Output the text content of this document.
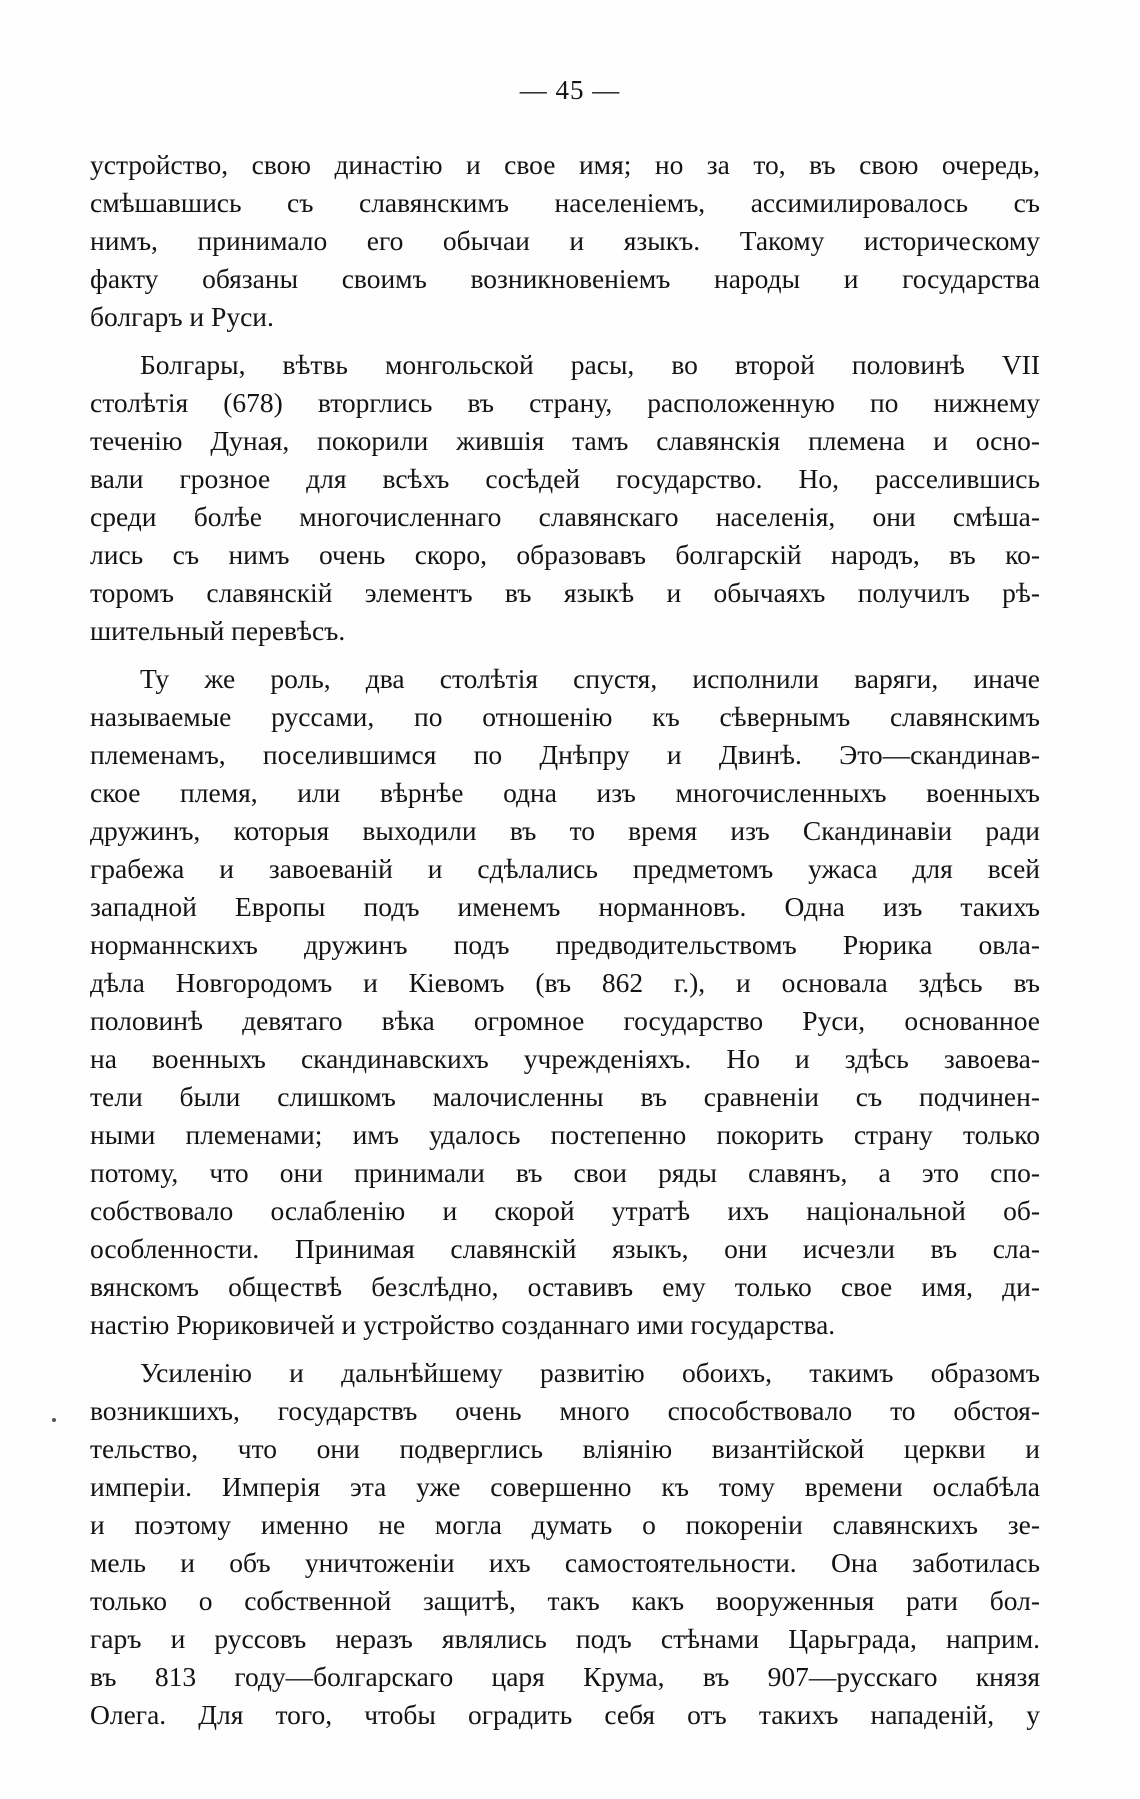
— 45 —
устройство, свою династію и свое имя; но за то, въ свою очередь,
смѣшавшись съ славянскимъ населеніемъ, ассимилировалось съ
нимъ, принимало его обычаи и языкъ. Такому историческому
факту обязаны своимъ возникновеніемъ народы и государства
болгаръ и Руси.
Болгары, вѣтвь монгольской расы, во второй половинѣ VII
столѣтія (678) вторглись въ страну, расположенную по нижнему
теченію Дуная, покорили жившія тамъ славянскія племена и осно-
вали грозное для всѣхъ сосѣдей государство. Но, расселившись
среди болѣе многочисленнаго славянскаго населенія, они смѣша-
лись съ нимъ очень скоро, образовавъ болгарскій народъ, въ ко-
торомъ славянскій элементъ въ языкѣ и обычаяхъ получилъ рѣ-
шительный перевѣсъ.
Ту же роль, два столѣтія спустя, исполнили варяги, иначе
называемые руссами, по отношенію къ сѣвернымъ славянскимъ
племенамъ, поселившимся по Днѣпру и Двинѣ. Это—скандинав-
ское племя, или вѣрнѣе одна изъ многочисленныхъ военныхъ
дружинъ, которыя выходили въ то время изъ Скандинавіи ради
грабежа и завоеваній и сдѣлались предметомъ ужаса для всей
западной Европы подъ именемъ норманновъ. Одна изъ такихъ
норманнскихъ дружинъ подъ предводительствомъ Рюрика овла-
дѣла Новгородомъ и Кіевомъ (въ 862 г.), и основала здѣсь въ
половинѣ девятаго вѣка огромное государство Руси, основанное
на военныхъ скандинавскихъ учрежденіяхъ. Но и здѣсь завоева-
тели были слишкомъ малочисленны въ сравненіи съ подчинен-
ными племенами; имъ удалось постепенно покорить страну только
потому, что они принимали въ свои ряды славянъ, а это спо-
собствовало ослабленію и скорой утратѣ ихъ національной об-
особленности. Принимая славянскій языкъ, они исчезли въ сла-
вянскомъ обществѣ безслѣдно, оставивъ ему только свое имя, ди-
настію Рюриковичей и устройство созданнаго ими государства.
Усиленію и дальнѣйшему развитію обоихъ, такимъ образомъ
возникшихъ, государствъ очень много способствовало то обстоя-
тельство, что они подверглись вліянію византійской церкви и
имперіи. Имперія эта уже совершенно къ тому времени ослабѣла
и поэтому именно не могла думать о покореніи славянскихъ зе-
мель и объ уничтоженіи ихъ самостоятельности. Она заботилась
только о собственной защитѣ, такъ какъ вооруженныя рати бол-
гаръ и руссовъ неразъ являлись подъ стѣнами Царьграда, наприм.
въ 813 году—болгарскаго царя Крума, въ 907—русскаго князя
Олега. Для того, чтобы оградить себя отъ такихъ нападеній, у
